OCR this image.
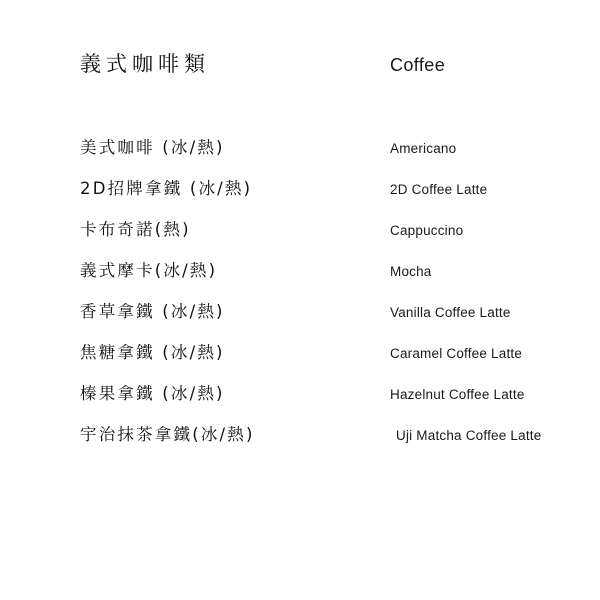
義式咖啡類	Coffee
美式咖啡 (冰/熱)	Americano
2D招牌拿鐵 (冰/熱)	2D Coffee Latte
卡布奇諾(熱)	Cappuccino
義式摩卡(冰/熱)	Mocha
香草拿鐵 (冰/熱)	Vanilla Coffee Latte
焦糖拿鐵 (冰/熱)	Caramel Coffee Latte
榛果拿鐵 (冰/熱)	Hazelnut Coffee Latte
宇治抹茶拿鐵(冰/熱)	Uji Matcha Coffee Latte
